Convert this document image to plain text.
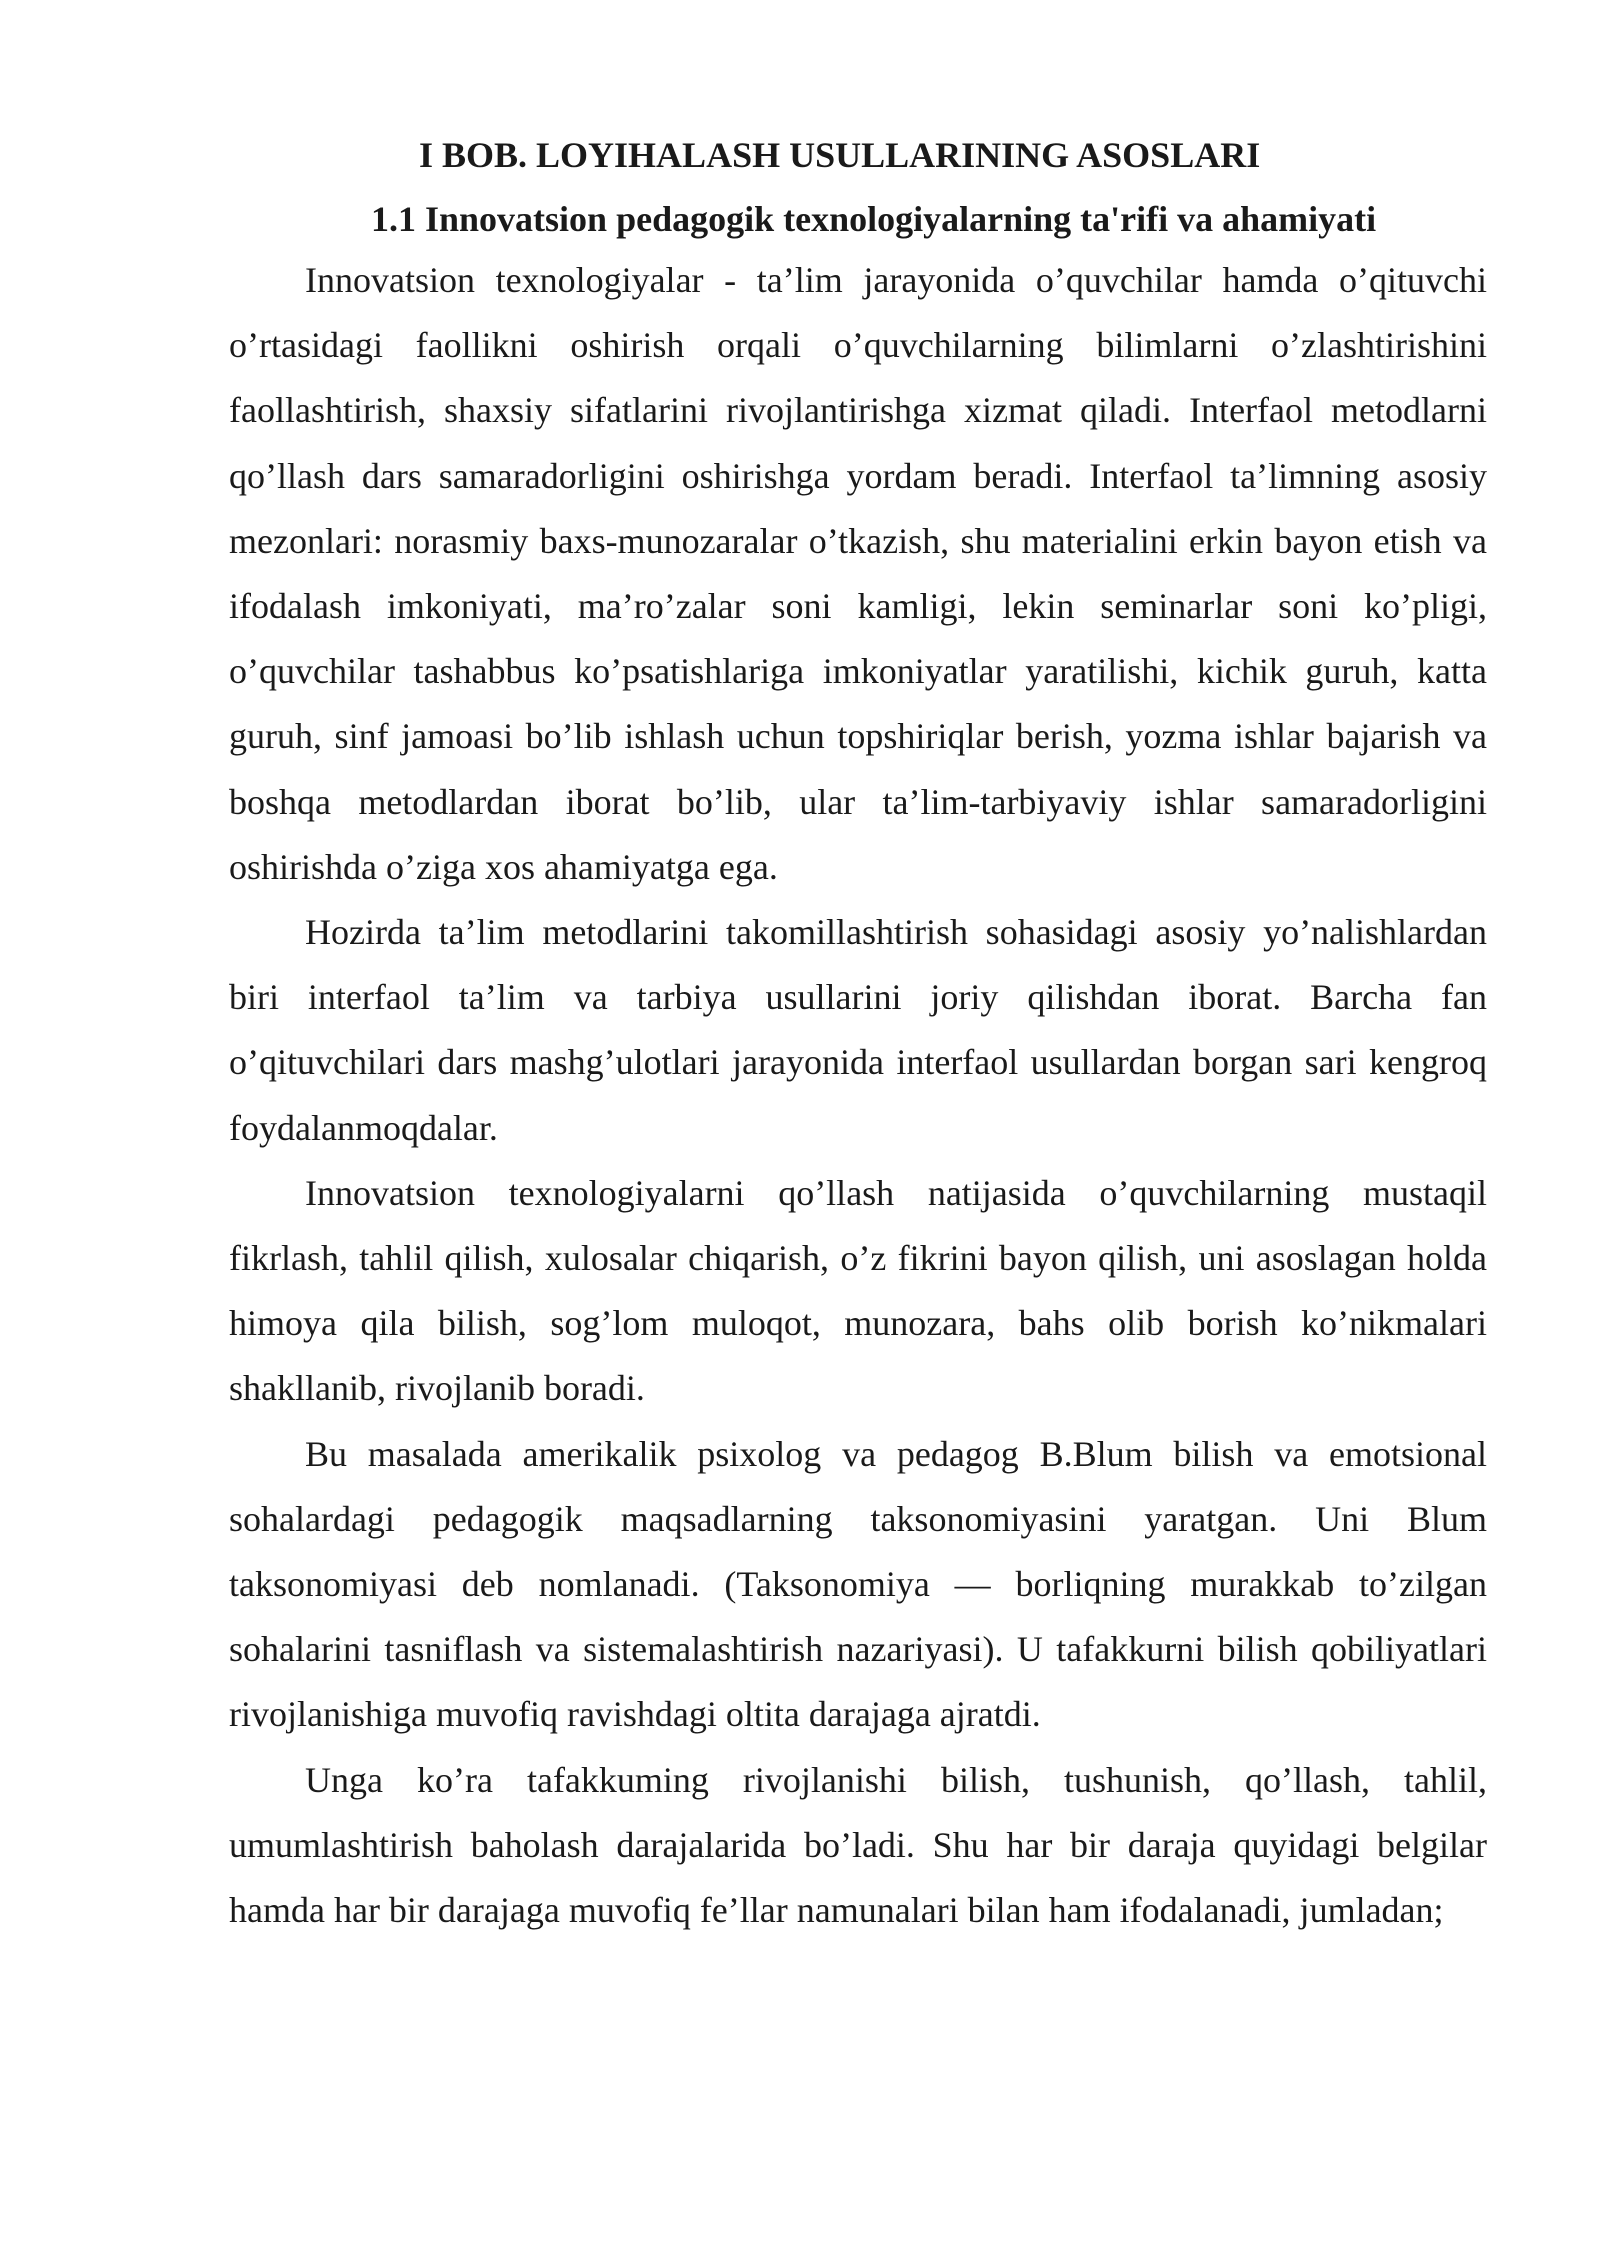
I BOB. LOYIHALASH USULLARINING ASOSLARI
1.1 Innovatsion pedagogik texnologiyalarning ta'rifi va ahamiyati

Innovatsion texnologiyalar - ta’lim jarayonida o’quvchilar hamda o’qituvchi o’rtasidagi faollikni oshirish orqali o’quvchilarning bilimlarni o’zlashtirishini faollashtirish, shaxsiy sifatlarini rivojlantirishga xizmat qiladi. Interfaol metodlarni qo’llash dars samaradorligini oshirishga yordam beradi. Interfaol ta’limning asosiy mezonlari: norasmiy baxs-munozaralar o’tkazish, shu materialini erkin bayon etish va ifodalash imkoniyati, ma’ro’zalar soni kamligi, lekin seminarlar soni ko’pligi, o’quvchilar tashabbus ko’psatishlariga imkoniyatlar yaratilishi, kichik guruh, katta guruh, sinf jamoasi bo’lib ishlash uchun topshiriqlar berish, yozma ishlar bajarish va boshqa metodlardan iborat bo’lib, ular ta’lim-tarbiyaviy ishlar samaradorligini oshirishda o’ziga xos ahamiyatga ega.

Hozirda ta’lim metodlarini takomillashtirish sohasidagi asosiy yo’nalishlardan biri interfaol ta’lim va tarbiya usullarini joriy qilishdan iborat. Barcha fan o’qituvchilari dars mashg’ulotlari jarayonida interfaol usullardan borgan sari kengroq foydalanmoqdalar.

Innovatsion texnologiyalarni qo’llash natijasida o’quvchilarning mustaqil fikrlash, tahlil qilish, xulosalar chiqarish, o’z fikrini bayon qilish, uni asoslagan holda himoya qila bilish, sog’lom muloqot, munozara, bahs olib borish ko’nikmalari shakllanib, rivojlanib boradi.

Bu masalada amerikalik psixolog va pedagog B.Blum bilish va emotsional sohalardagi pedagogik maqsadlarning taksonomiyasini yaratgan. Uni Blum taksonomiyasi deb nomlanadi. (Taksonomiya — borliqning murakkab to’zilgan sohalarini tasniflash va sistemalashtirish nazariyasi). U tafakkurni bilish qobiliyatlari rivojlanishiga muvofiq ravishdagi oltita darajaga ajratdi.

Unga ko’ra tafakkuming rivojlanishi bilish, tushunish, qo’llash, tahlil, umumlashtirish baholash darajalarida bo’ladi. Shu har bir daraja quyidagi belgilar hamda har bir darajaga muvofiq fe’llar namunalari bilan ham ifodalanadi, jumladan;
